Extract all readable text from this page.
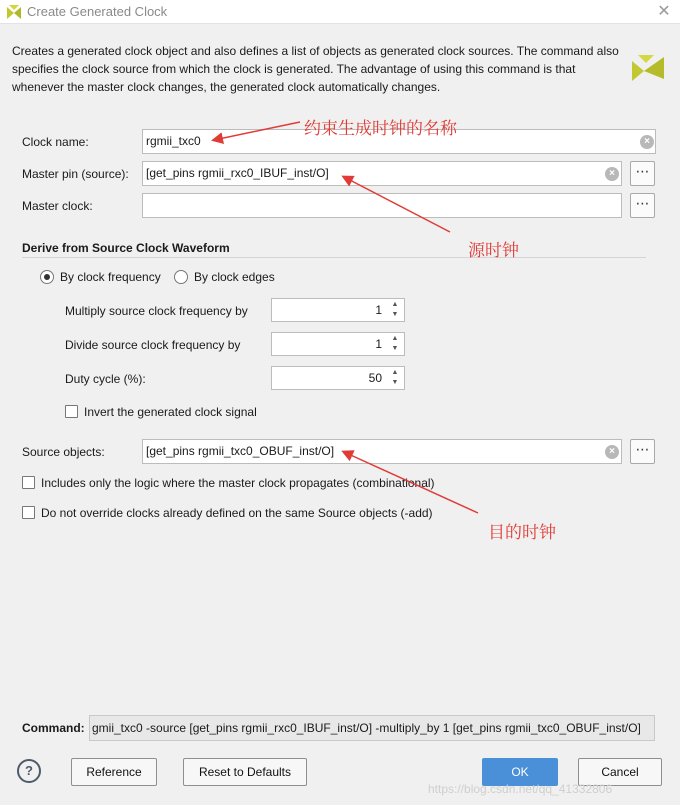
Create Generated Clock	✕
Creates a generated clock object and also defines a list of objects as generated clock sources. The command also specifies the clock source from which the clock is generated. The advantage of using this command is that whenever the master clock changes, the generated clock automatically changes.
Clock name:	rgmii_txc0	×
Master pin (source):	[get_pins rgmii_rxc0_IBUF_inst/O]	×	⋯
Master clock:	⋯
Derive from Source Clock Waveform
By clock frequency	By clock edges
Multiply source clock frequency by	1	▲
▼
Divide source clock frequency by	1	▲
▼
Duty cycle (%):	50	▲
▼
Invert the generated clock signal
Source objects:	[get_pins rgmii_txc0_OBUF_inst/O]	×	⋯
Includes only the logic where the master clock propagates (combinational)
Do not override clocks already defined on the same Source objects (-add)
约束生成时钟的名称
源时钟
目的时钟
Command: gmii_txc0 -source [get_pins rgmii_rxc0_IBUF_inst/O] -multiply_by 1 [get_pins rgmii_txc0_OBUF_inst/O]
?	Reference	Reset to Defaults	OK	Cancel
https://blog.csdn.net/qq_41332806
